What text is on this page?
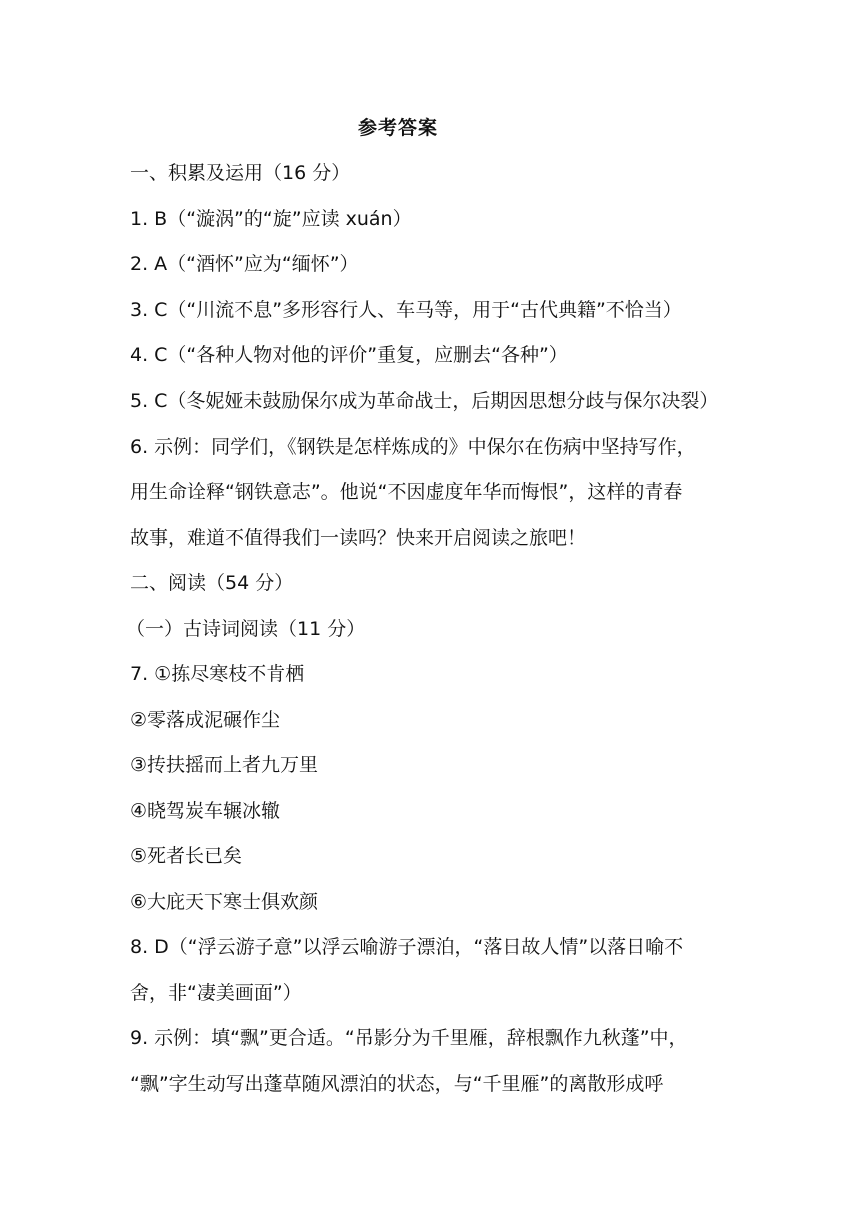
参考答案
一、积累及运用（16 分）
1. B（“漩涡”的“旋”应读 xuán）
2. A（“酒怀”应为“缅怀”）
3. C（“川流不息”多形容行人、车马等，用于“古代典籍”不恰当）
4. C（“各种人物对他的评价”重复，应删去“各种”）
5. C（冬妮娅未鼓励保尔成为革命战士，后期因思想分歧与保尔决裂）
6. 示例：同学们，《钢铁是怎样炼成的》中保尔在伤病中坚持写作，
用生命诠释“钢铁意志”。他说“不因虚度年华而悔恨”，这样的青春
故事，难道不值得我们一读吗？快来开启阅读之旅吧！
二、阅读（54 分）
（一）古诗词阅读（11 分）
7. ①拣尽寒枝不肯栖
②零落成泥碾作尘
③抟扶摇而上者九万里
④晓驾炭车辗冰辙
⑤死者长已矣
⑥大庇天下寒士俱欢颜
8. D（“浮云游子意”以浮云喻游子漂泊，“落日故人情”以落日喻不
舍，非“凄美画面”）
9. 示例：填“飘”更合适。“吊影分为千里雁，辞根飘作九秋蓬”中，
“飘”字生动写出蓬草随风漂泊的状态，与“千里雁”的离散形成呼
